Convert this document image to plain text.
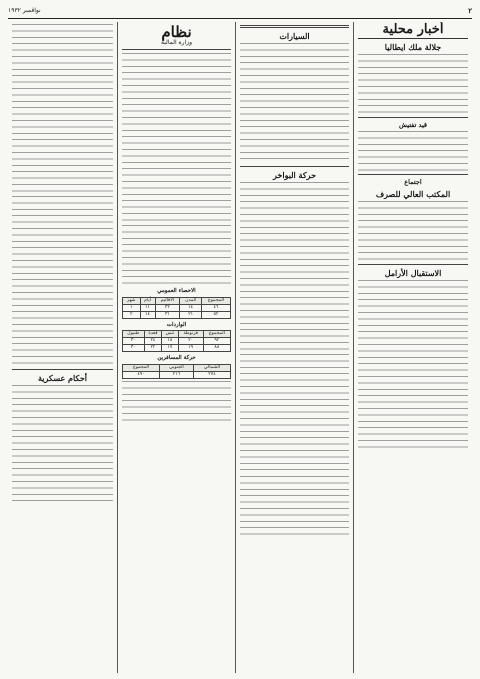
٢
نواڤمبر ۱۹۳۲
أخبار محلية
جلالة ملك ايطاليا
قيد تفتيش
اجتماع
المكتب العالي للصرف
الاستقبال الأرامل
السيارات
حركة البواخر
نظام
وزارة المالية
الاحصاء العمومي
المجموع	المدن	الاقاليم	أيام	شهر
٤٦	١٤	٣٢	١١	١
٥٢	٢١	٣١	١٤	٢
الواردات
المجموع	قرنوطة	تنس	قعدة	طنبول
٩٢	٢٠	١٨	٢٤	٣٠
٨٨	١٩	١٧	٢٢	٣٠
حركة المسافرين
الشمالي	الجنوبي	المجموع
٢٧٤	٢١٦	٤٩٠
أحكام عسكرية
